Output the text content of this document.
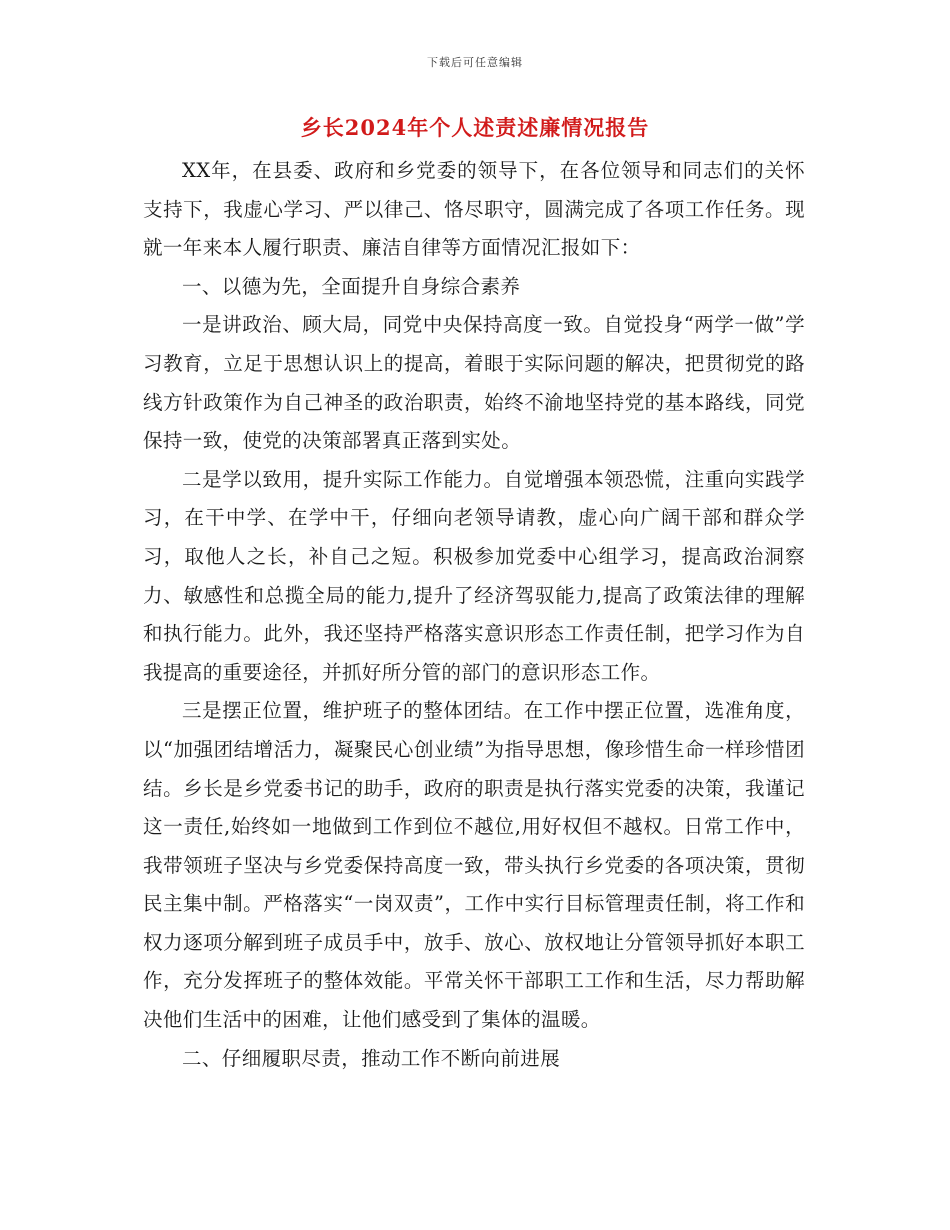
下载后可任意编辑
乡长2024年个人述责述廉情况报告

XX年，在县委、政府和乡党委的领导下，在各位领导和同志们的关怀支持下，我虚心学习、严以律己、恪尽职守，圆满完成了各项工作任务。现就一年来本人履行职责、廉洁自律等方面情况汇报如下：

一、以德为先，全面提升自身综合素养

一是讲政治、顾大局，同党中央保持高度一致。自觉投身“两学一做”学习教育，立足于思想认识上的提高，着眼于实际问题的解决，把贯彻党的路线方针政策作为自己神圣的政治职责，始终不渝地坚持党的基本路线，同党保持一致，使党的决策部署真正落到实处。

二是学以致用，提升实际工作能力。自觉增强本领恐慌，注重向实践学习，在干中学、在学中干，仔细向老领导请教，虚心向广阔干部和群众学习，取他人之长，补自己之短。积极参加党委中心组学习，提高政治洞察力、敏感性和总揽全局的能力,提升了经济驾驭能力,提高了政策法律的理解和执行能力。此外，我还坚持严格落实意识形态工作责任制，把学习作为自我提高的重要途径，并抓好所分管的部门的意识形态工作。

三是摆正位置，维护班子的整体团结。在工作中摆正位置，选准角度，以“加强团结增活力，凝聚民心创业绩”为指导思想，像珍惜生命一样珍惜团结。乡长是乡党委书记的助手，政府的职责是执行落实党委的决策，我谨记这一责任,始终如一地做到工作到位不越位,用好权但不越权。日常工作中，我带领班子坚决与乡党委保持高度一致，带头执行乡党委的各项决策，贯彻民主集中制。严格落实“一岗双责”，工作中实行目标管理责任制，将工作和权力逐项分解到班子成员手中，放手、放心、放权地让分管领导抓好本职工作，充分发挥班子的整体效能。平常关怀干部职工工作和生活，尽力帮助解决他们生活中的困难，让他们感受到了集体的温暖。

二、仔细履职尽责，推动工作不断向前进展
